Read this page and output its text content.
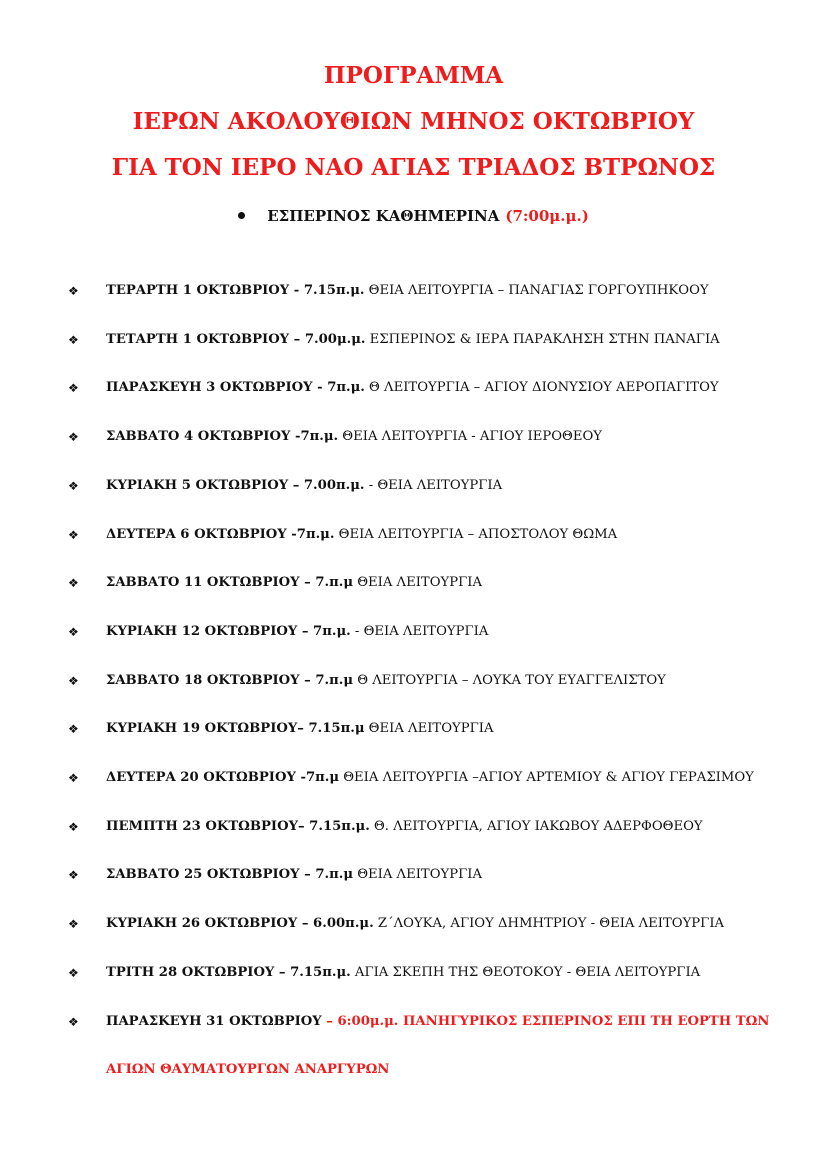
ΠΡΟΓΡΑΜΜΑ
ΙΕΡΩΝ ΑΚΟΛΟΥΘΙΩΝ ΜΗΝΟΣ ΟΚΤΩΒΡΙΟΥ
ΓΙΑ ΤΟΝ ΙΕΡΟ ΝΑΟ ΑΓΙΑΣ ΤΡΙΑΔΟΣ ΒΤΡΩΝΟΣ
ΕΣΠΕΡΙΝΟΣ ΚΑΘΗΜΕΡΙΝΑ (7:00μ.μ.)
❖ ΤΕΡΑΡΤΗ 1 ΟΚΤΩΒΡΙΟΥ - 7.15π.μ. ΘΕΙΑ ΛΕΙΤΟΥΡΓΙΑ – ΠΑΝΑΓΙΑΣ ΓΟΡΓΟΥΠΗΚΟΟΥ
❖ ΤΕΤΑΡΤΗ 1 ΟΚΤΩΒΡΙΟΥ – 7.00μ.μ. ΕΣΠΕΡΙΝΟΣ & ΙΕΡΑ ΠΑΡΑΚΛΗΣΗ ΣΤΗΝ ΠΑΝΑΓΙΑ
❖ ΠΑΡΑΣΚΕΥΗ 3 ΟΚΤΩΒΡΙΟΥ - 7π.μ. Θ ΛΕΙΤΟΥΡΓΙΑ – ΑΓΙΟΥ ΔΙΟΝΥΣΙΟΥ ΑΕΡΟΠΑΓΙΤΟΥ
❖ ΣΑΒΒΑΤΟ 4 ΟΚΤΩΒΡΙΟΥ -7π.μ. ΘΕΙΑ ΛΕΙΤΟΥΡΓΙΑ - ΑΓΙΟΥ ΙΕΡΟΘΕΟΥ
❖ ΚΥΡΙΑΚΗ 5 ΟΚΤΩΒΡΙΟΥ – 7.00π.μ. - ΘΕΙΑ ΛΕΙΤΟΥΡΓΙΑ
❖ ΔΕΥΤΕΡΑ 6 ΟΚΤΩΒΡΙΟΥ -7π.μ. ΘΕΙΑ ΛΕΙΤΟΥΡΓΙΑ – ΑΠΟΣΤΟΛΟΥ ΘΩΜΑ
❖ ΣΑΒΒΑΤΟ 11 ΟΚΤΩΒΡΙΟΥ – 7.π.μ ΘΕΙΑ ΛΕΙΤΟΥΡΓΙΑ
❖ ΚΥΡΙΑΚΗ 12 ΟΚΤΩΒΡΙΟΥ – 7π.μ. - ΘΕΙΑ ΛΕΙΤΟΥΡΓΙΑ
❖ ΣΑΒΒΑΤΟ 18 ΟΚΤΩΒΡΙΟΥ – 7.π.μ Θ ΛΕΙΤΟΥΡΓΙΑ – ΛΟΥΚΑ ΤΟΥ ΕΥΑΓΓΕΛΙΣΤΟΥ
❖ ΚΥΡΙΑΚΗ 19 ΟΚΤΩΒΡΙΟΥ– 7.15π.μ ΘΕΙΑ ΛΕΙΤΟΥΡΓΙΑ
❖ ΔΕΥΤΕΡΑ 20 ΟΚΤΩΒΡΙΟΥ -7π.μ ΘΕΙΑ ΛΕΙΤΟΥΡΓΙΑ –ΑΓΙΟΥ ΑΡΤΕΜΙΟΥ & ΑΓΙΟΥ ΓΕΡΑΣΙΜΟΥ
❖ ΠΕΜΠΤΗ 23 ΟΚΤΩΒΡΙΟΥ– 7.15π.μ. Θ. ΛΕΙΤΟΥΡΓΙΑ, ΑΓΙΟΥ ΙΑΚΩΒΟΥ ΑΔΕΡΦΟΘΕΟΥ
❖ ΣΑΒΒΑΤΟ 25 ΟΚΤΩΒΡΙΟΥ – 7.π.μ ΘΕΙΑ ΛΕΙΤΟΥΡΓΙΑ
❖ ΚΥΡΙΑΚΗ 26 ΟΚΤΩΒΡΙΟΥ – 6.00π.μ. Ζ΄ΛΟΥΚΑ, ΑΓΙΟΥ ΔΗΜΗΤΡΙΟΥ - ΘΕΙΑ ΛΕΙΤΟΥΡΓΙΑ
❖ ΤΡΙΤΗ 28 ΟΚΤΩΒΡΙΟΥ – 7.15π.μ. ΑΓΙΑ ΣΚΕΠΗ ΤΗΣ ΘΕΟΤΟΚΟΥ - ΘΕΙΑ ΛΕΙΤΟΥΡΓΙΑ
❖ ΠΑΡΑΣΚΕΥΗ 31 ΟΚΤΩΒΡΙΟΥ – 6:00μ.μ. ΠΑΝΗΓΥΡΙΚΟΣ ΕΣΠΕΡΙΝΟΣ ΕΠΙ ΤΗ ΕΟΡΤΗ ΤΩΝ
ΑΓΙΩΝ ΘΑΥΜΑΤΟΥΡΓΩΝ ΑΝΑΡΓΥΡΩΝ
